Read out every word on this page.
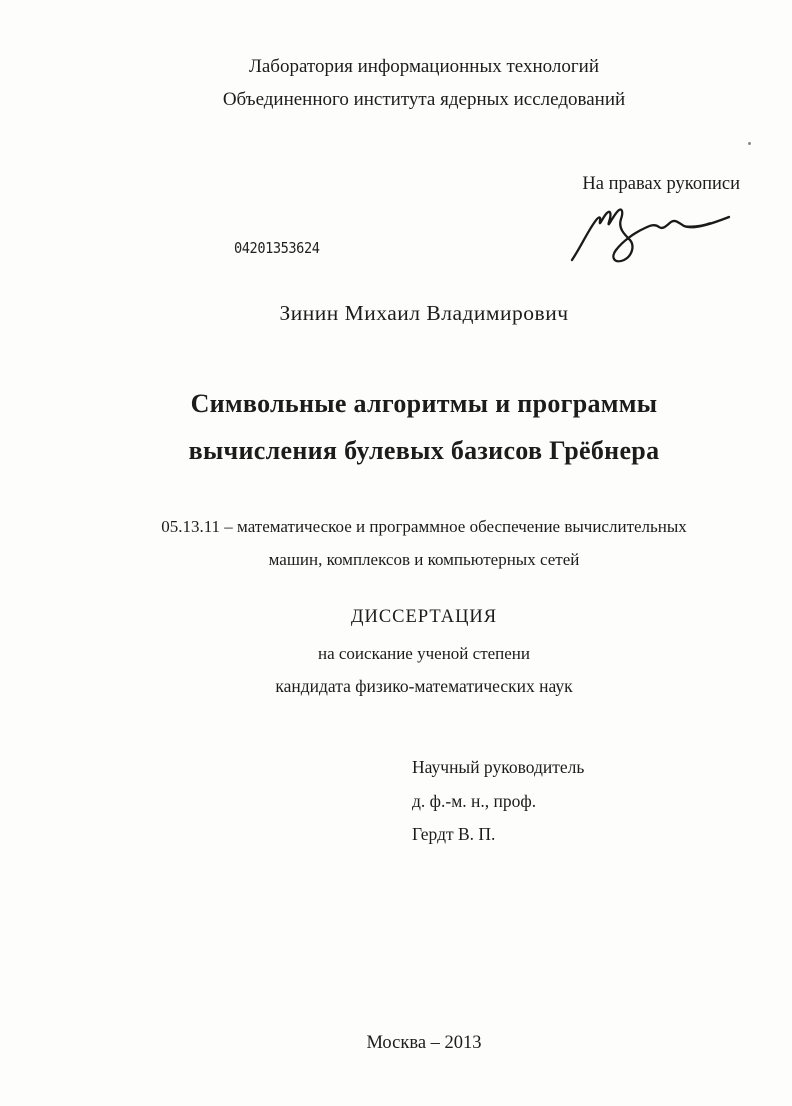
Лаборатория информационных технологий
Объединенного института ядерных исследований
На правах рукописи
04201353624
Зинин Михаил Владимирович
Символьные алгоритмы и программы
вычисления булевых базисов Грёбнера
05.13.11 – математическое и программное обеспечение вычислительных
машин, комплексов и компьютерных сетей
ДИССЕРТАЦИЯ
на соискание ученой степени
кандидата физико-математических наук
Научный руководитель
д. ф.-м. н., проф.
Гердт В. П.
Москва – 2013
